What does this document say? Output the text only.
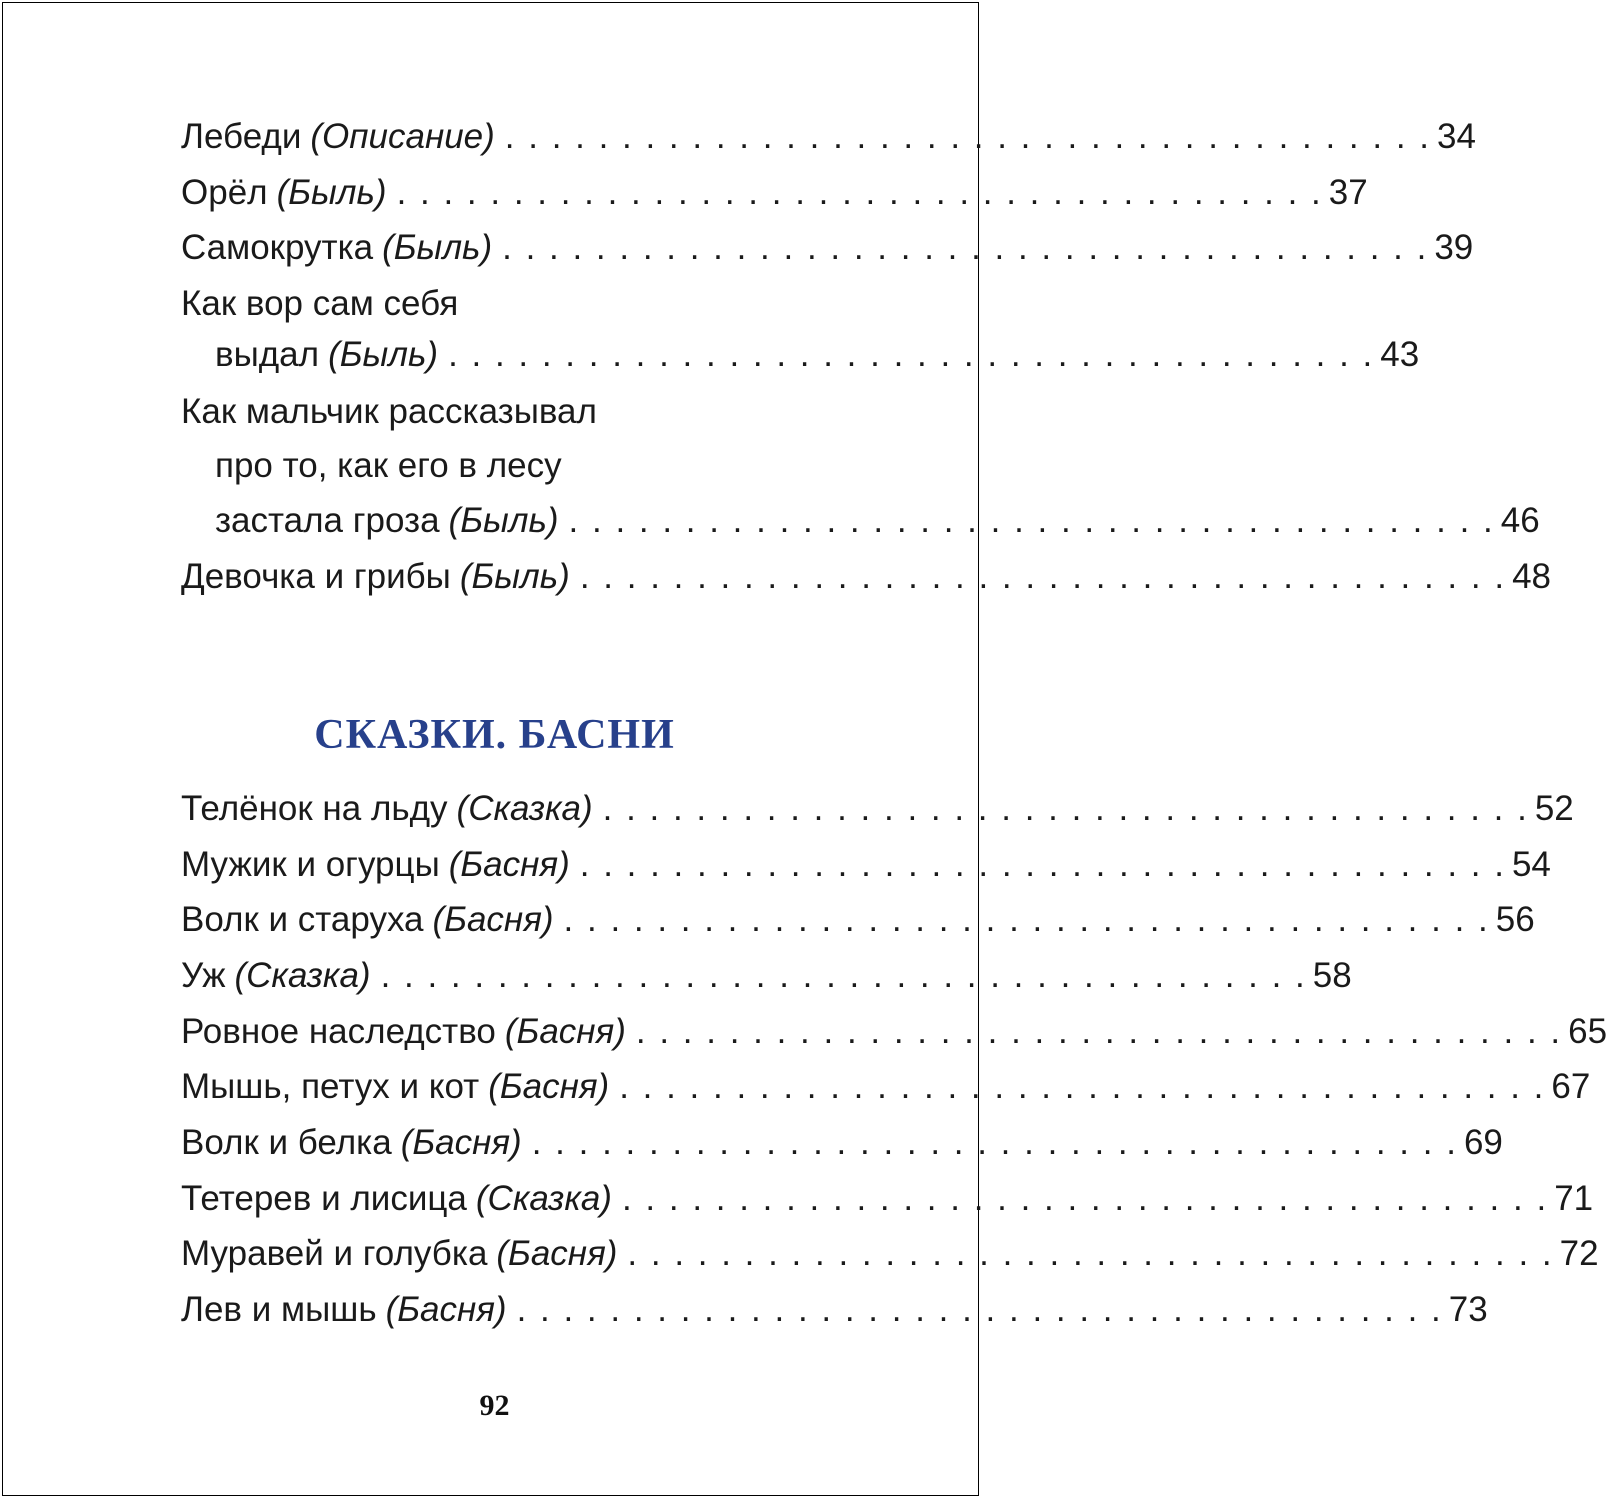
Лебеди (Описание) . . . . . . . . . . . . . . . . . . . . . . . . . . . . . . . . . . . . . . . . 34
Орёл (Быль) . . . . . . . . . . . . . . . . . . . . . . . . . . . . . . . . . . . . . . . . 37
Самокрутка (Быль) . . . . . . . . . . . . . . . . . . . . . . . . . . . . . . . . . . . . . . . . 39
Как вор сам себя
выдал (Быль) . . . . . . . . . . . . . . . . . . . . . . . . . . . . . . . . . . . . . . . . 43
Как мальчик рассказывал
про то, как его в лесу
застала гроза (Быль) . . . . . . . . . . . . . . . . . . . . . . . . . . . . . . . . . . . . . . . . 46
Девочка и грибы (Быль) . . . . . . . . . . . . . . . . . . . . . . . . . . . . . . . . . . . . . . . . 48
СКАЗКИ. БАСНИ
Телёнок на льду (Сказка) . . . . . . . . . . . . . . . . . . . . . . . . . . . . . . . . . . . . . . . . 52
Мужик и огурцы (Басня) . . . . . . . . . . . . . . . . . . . . . . . . . . . . . . . . . . . . . . . . 54
Волк и старуха (Басня) . . . . . . . . . . . . . . . . . . . . . . . . . . . . . . . . . . . . . . . . 56
Уж (Сказка) . . . . . . . . . . . . . . . . . . . . . . . . . . . . . . . . . . . . . . . . 58
Ровное наследство (Басня) . . . . . . . . . . . . . . . . . . . . . . . . . . . . . . . . . . . . . . . . 65
Мышь, петух и кот (Басня) . . . . . . . . . . . . . . . . . . . . . . . . . . . . . . . . . . . . . . . . 67
Волк и белка (Басня) . . . . . . . . . . . . . . . . . . . . . . . . . . . . . . . . . . . . . . . . 69
Тетерев и лисица (Сказка) . . . . . . . . . . . . . . . . . . . . . . . . . . . . . . . . . . . . . . . . 71
Муравей и голубка (Басня) . . . . . . . . . . . . . . . . . . . . . . . . . . . . . . . . . . . . . . . . 72
Лев и мышь (Басня) . . . . . . . . . . . . . . . . . . . . . . . . . . . . . . . . . . . . . . . . 73
92
